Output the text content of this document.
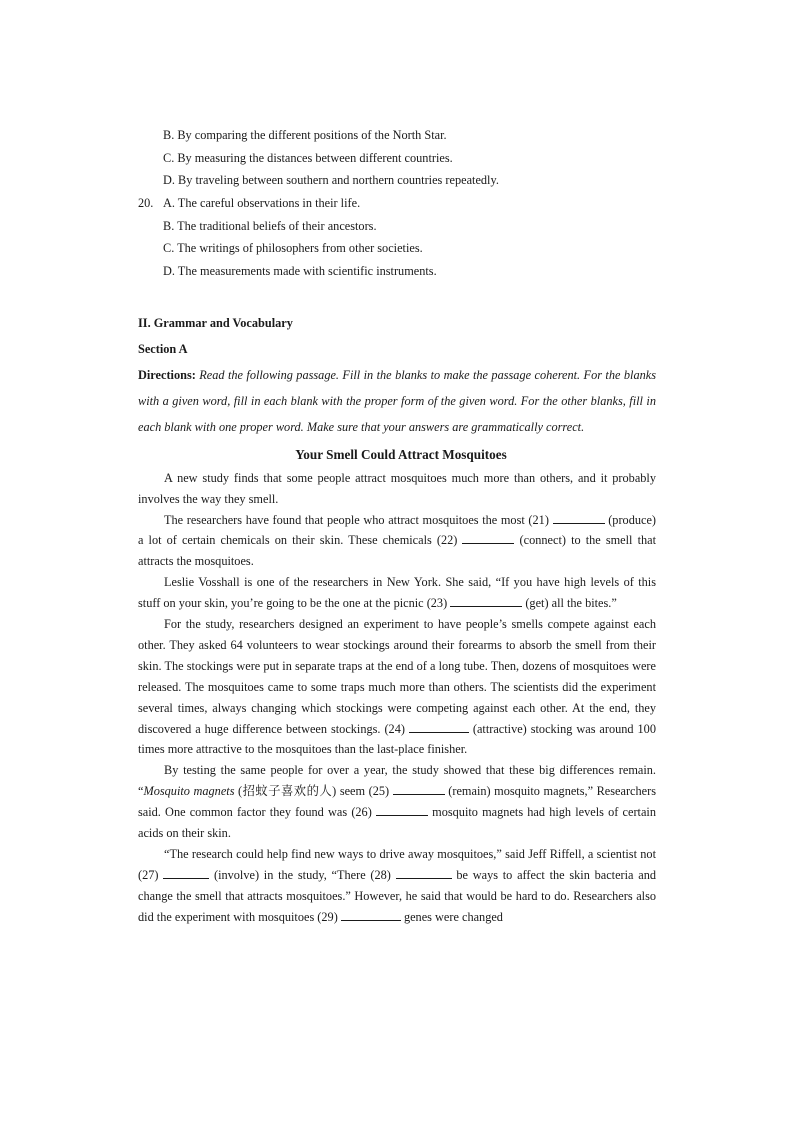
B. By comparing the different positions of the North Star.
C. By measuring the distances between different countries.
D. By traveling between southern and northern countries repeatedly.
20. A. The careful observations in their life.
B. The traditional beliefs of their ancestors.
C. The writings of philosophers from other societies.
D. The measurements made with scientific instruments.
II. Grammar and Vocabulary
Section A
Directions: Read the following passage. Fill in the blanks to make the passage coherent. For the blanks with a given word, fill in each blank with the proper form of the given word. For the other blanks, fill in each blank with one proper word. Make sure that your answers are grammatically correct.
Your Smell Could Attract Mosquitoes

A new study finds that some people attract mosquitoes much more than others, and it probably involves the way they smell.

The researchers have found that people who attract mosquitoes the most (21)	(produce) a lot of certain chemicals on their skin. These chemicals (22)	(connect) to the smell that attracts the mosquitoes.

Leslie Vosshall is one of the researchers in New York. She said, “If you have high levels of this stuff on your skin, you’re going to be the one at the picnic (23)	(get) all the bites.”

For the study, researchers designed an experiment to have people’s smells compete against each other. They asked 64 volunteers to wear stockings around their forearms to absorb the smell from their skin. The stockings were put in separate traps at the end of a long tube. Then, dozens of mosquitoes were released. The mosquitoes came to some traps much more than others. The scientists did the experiment several times, always changing which stockings were competing against each other. At the end, they discovered a huge difference between stockings. (24)	(attractive) stocking was around 100 times more attractive to the mosquitoes than the last-place finisher.

By testing the same people for over a year, the study showed that these big differences remain. “Mosquito magnets (招蚊子喜欢的人) seem (25)	(remain) mosquito magnets,” Researchers said. One common factor they found was (26)	mosquito magnets had high levels of certain acids on their skin.

“The research could help find new ways to drive away mosquitoes,” said Jeff Riffell, a scientist not (27)	(involve) in the study, “There (28)	be ways to affect the skin bacteria and change the smell that attracts mosquitoes.” However, he said that would be hard to do. Researchers also did the experiment with mosquitoes (29)	genes were changed
